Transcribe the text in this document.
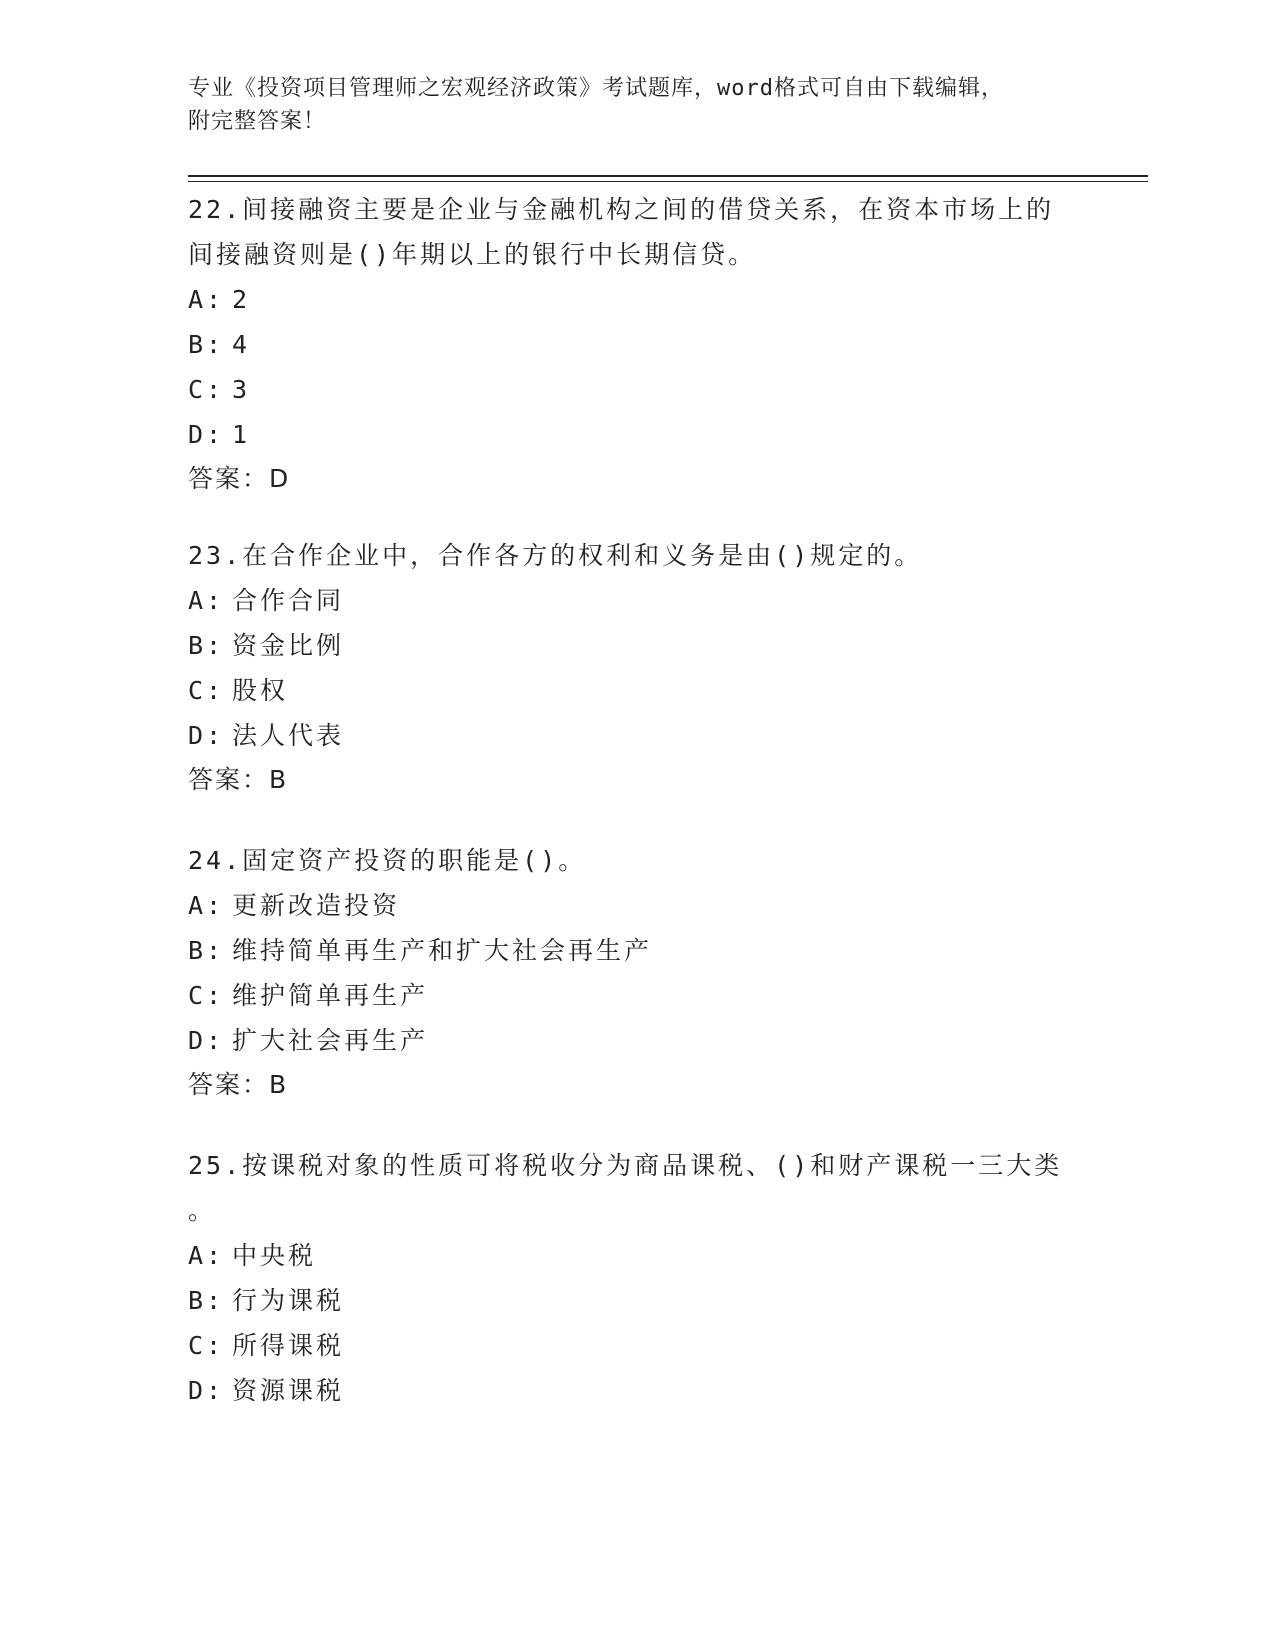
专业《投资项目管理师之宏观经济政策》考试题库，word格式可自由下载编辑，
附完整答案！
22.间接融资主要是企业与金融机构之间的借贷关系，在资本市场上的
间接融资则是()年期以上的银行中长期信贷。
A: 2
B: 4
C: 3
D: 1
答案：D
23.在合作企业中，合作各方的权利和义务是由()规定的。
A: 合作合同
B: 资金比例
C: 股权
D: 法人代表
答案：B
24.固定资产投资的职能是()。
A: 更新改造投资
B: 维持简单再生产和扩大社会再生产
C: 维护简单再生产
D: 扩大社会再生产
答案：B
25.按课税对象的性质可将税收分为商品课税、()和财产课税一三大类
。
A: 中央税
B: 行为课税
C: 所得课税
D: 资源课税
